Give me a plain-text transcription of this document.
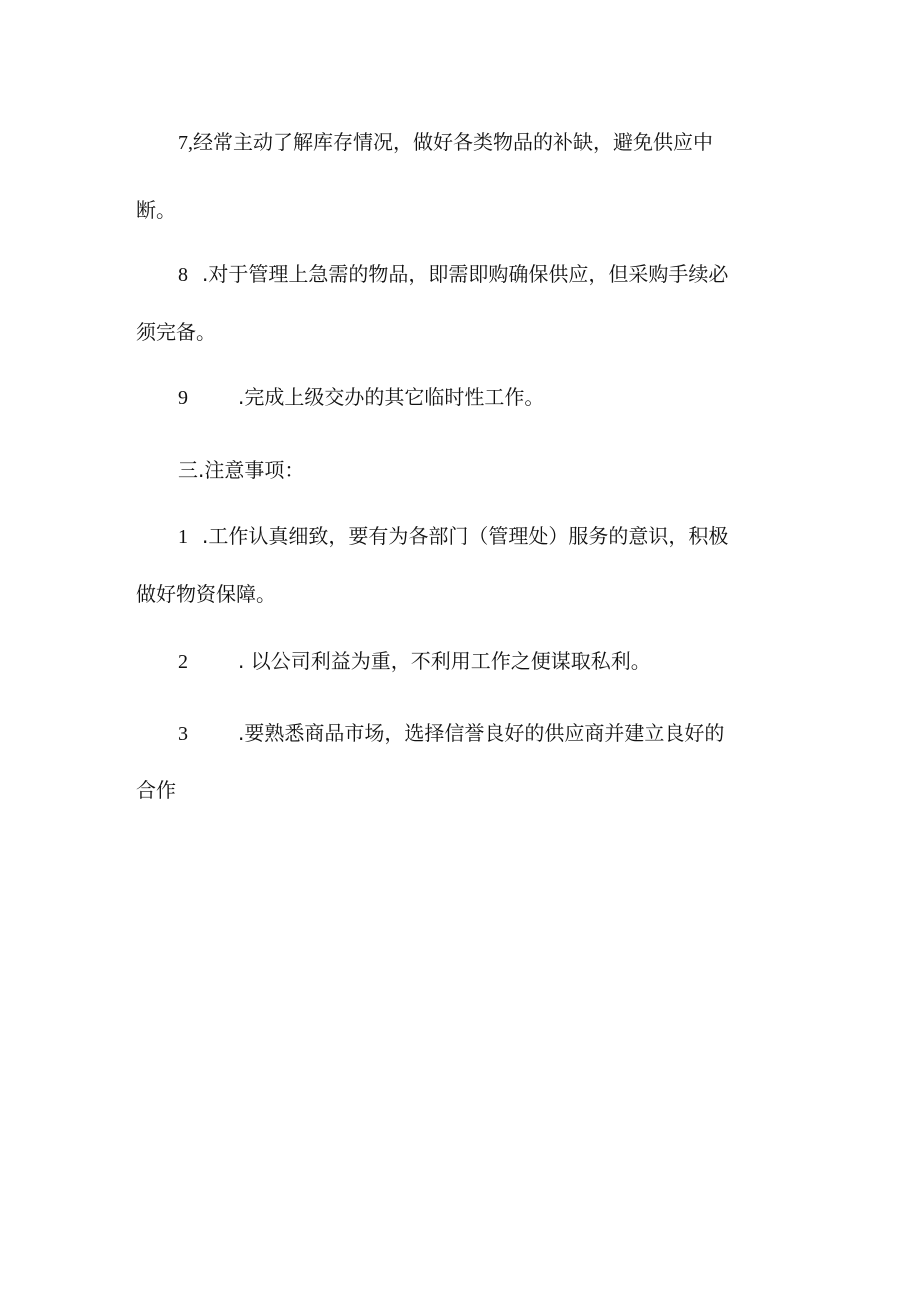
7,经常主动了解库存情况，做好各类物品的补缺，避免供应中
断。
8 .对于管理上急需的物品，即需即购确保供应，但采购手续必
须完备。
9	.完成上级交办的其它临时性工作。
三.注意事项：
1 .工作认真细致，要有为各部门（管理处）服务的意识，积极
做好物资保障。
2	. 以公司利益为重，不利用工作之便谋取私利。
3	.要熟悉商品市场，选择信誉良好的供应商并建立良好的
合作
